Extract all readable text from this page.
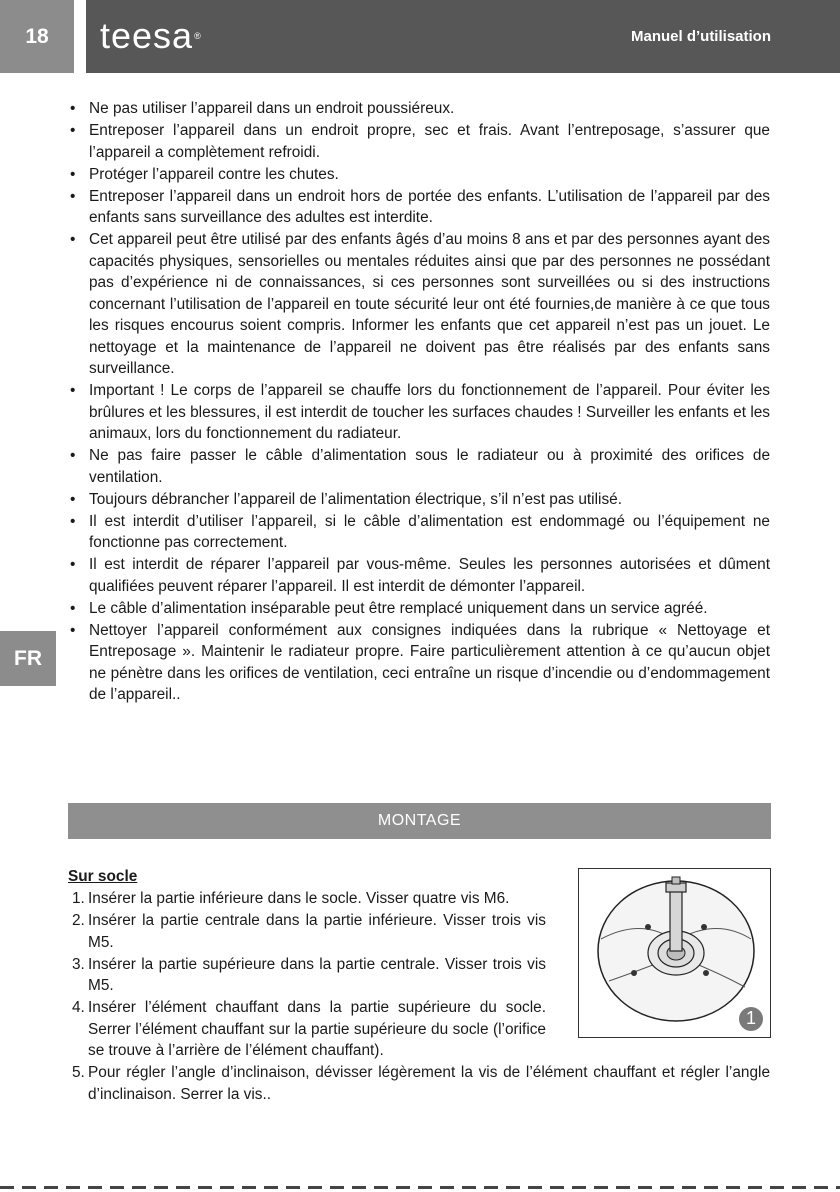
18	teesa®	Manuel d’utilisation
FR
• Ne pas utiliser l’appareil dans un endroit poussiéreux.
• Entreposer l’appareil dans un endroit propre, sec et frais. Avant l’entreposage, s’assurer que l’appareil a complètement refroidi.
• Protéger l’appareil contre les chutes.
• Entreposer l’appareil dans un endroit hors de portée des enfants. L’utilisation de l’appareil par des enfants sans surveillance des adultes est interdite.
• Cet appareil peut être utilisé par des enfants âgés d’au moins 8 ans et par des personnes ayant des capacités physiques, sensorielles ou mentales réduites ainsi que par des personnes ne possédant pas d’expérience ni de connaissances, si ces personnes sont surveillées ou si des instructions concernant l’utilisation de l’appareil en toute sécurité leur ont été fournies,de manière à ce que tous les risques encourus soient compris. Informer les enfants que cet appareil n’est pas un jouet. Le nettoyage et la maintenance de l’appareil ne doivent pas être réalisés par des enfants sans surveillance.
• Important ! Le corps de l’appareil se chauffe lors du fonctionnement de l’appareil. Pour éviter les brûlures et les blessures, il est interdit de toucher les surfaces chaudes ! Surveiller les enfants et les animaux, lors du fonctionnement du radiateur.
• Ne pas faire passer le câble d’alimentation sous le radiateur ou à proximité des orifices de ventilation.
• Toujours débrancher l’appareil de l’alimentation électrique, s’il n’est pas utilisé.
• Il est interdit d’utiliser l’appareil, si le câble d’alimentation est endommagé ou l’équipement ne fonctionne pas correctement.
• Il est interdit de réparer l’appareil par vous-même. Seules les personnes autorisées et dûment qualifiées peuvent réparer l’appareil. Il est interdit de démonter l’appareil.
• Le câble d’alimentation inséparable peut être remplacé uniquement dans un service agréé.
• Nettoyer l’appareil conformément aux consignes indiquées dans la rubrique « Nettoyage et Entreposage ». Maintenir le radiateur propre. Faire particulièrement attention à ce qu’aucun objet ne pénètre dans les orifices de ventilation, ceci entraîne un risque d’incendie ou d’endommagement de l’appareil..
MONTAGE
Sur socle
1. Insérer la partie inférieure dans le socle. Visser quatre vis M6.
2. Insérer la partie centrale dans la partie inférieure. Visser trois vis M5.
3. Insérer la partie supérieure dans la partie centrale. Visser trois vis M5.
4. Insérer l’élément chauffant dans la partie supérieure du socle. Serrer l’élément chauffant sur la partie supérieure du socle (l’orifice se trouve à l’arrière de l’élément chauffant).
5. Pour régler l’angle d’inclinaison, dévisser légèrement la vis de l’élément chauffant et régler l’angle d’inclinaison. Serrer la vis..
1
